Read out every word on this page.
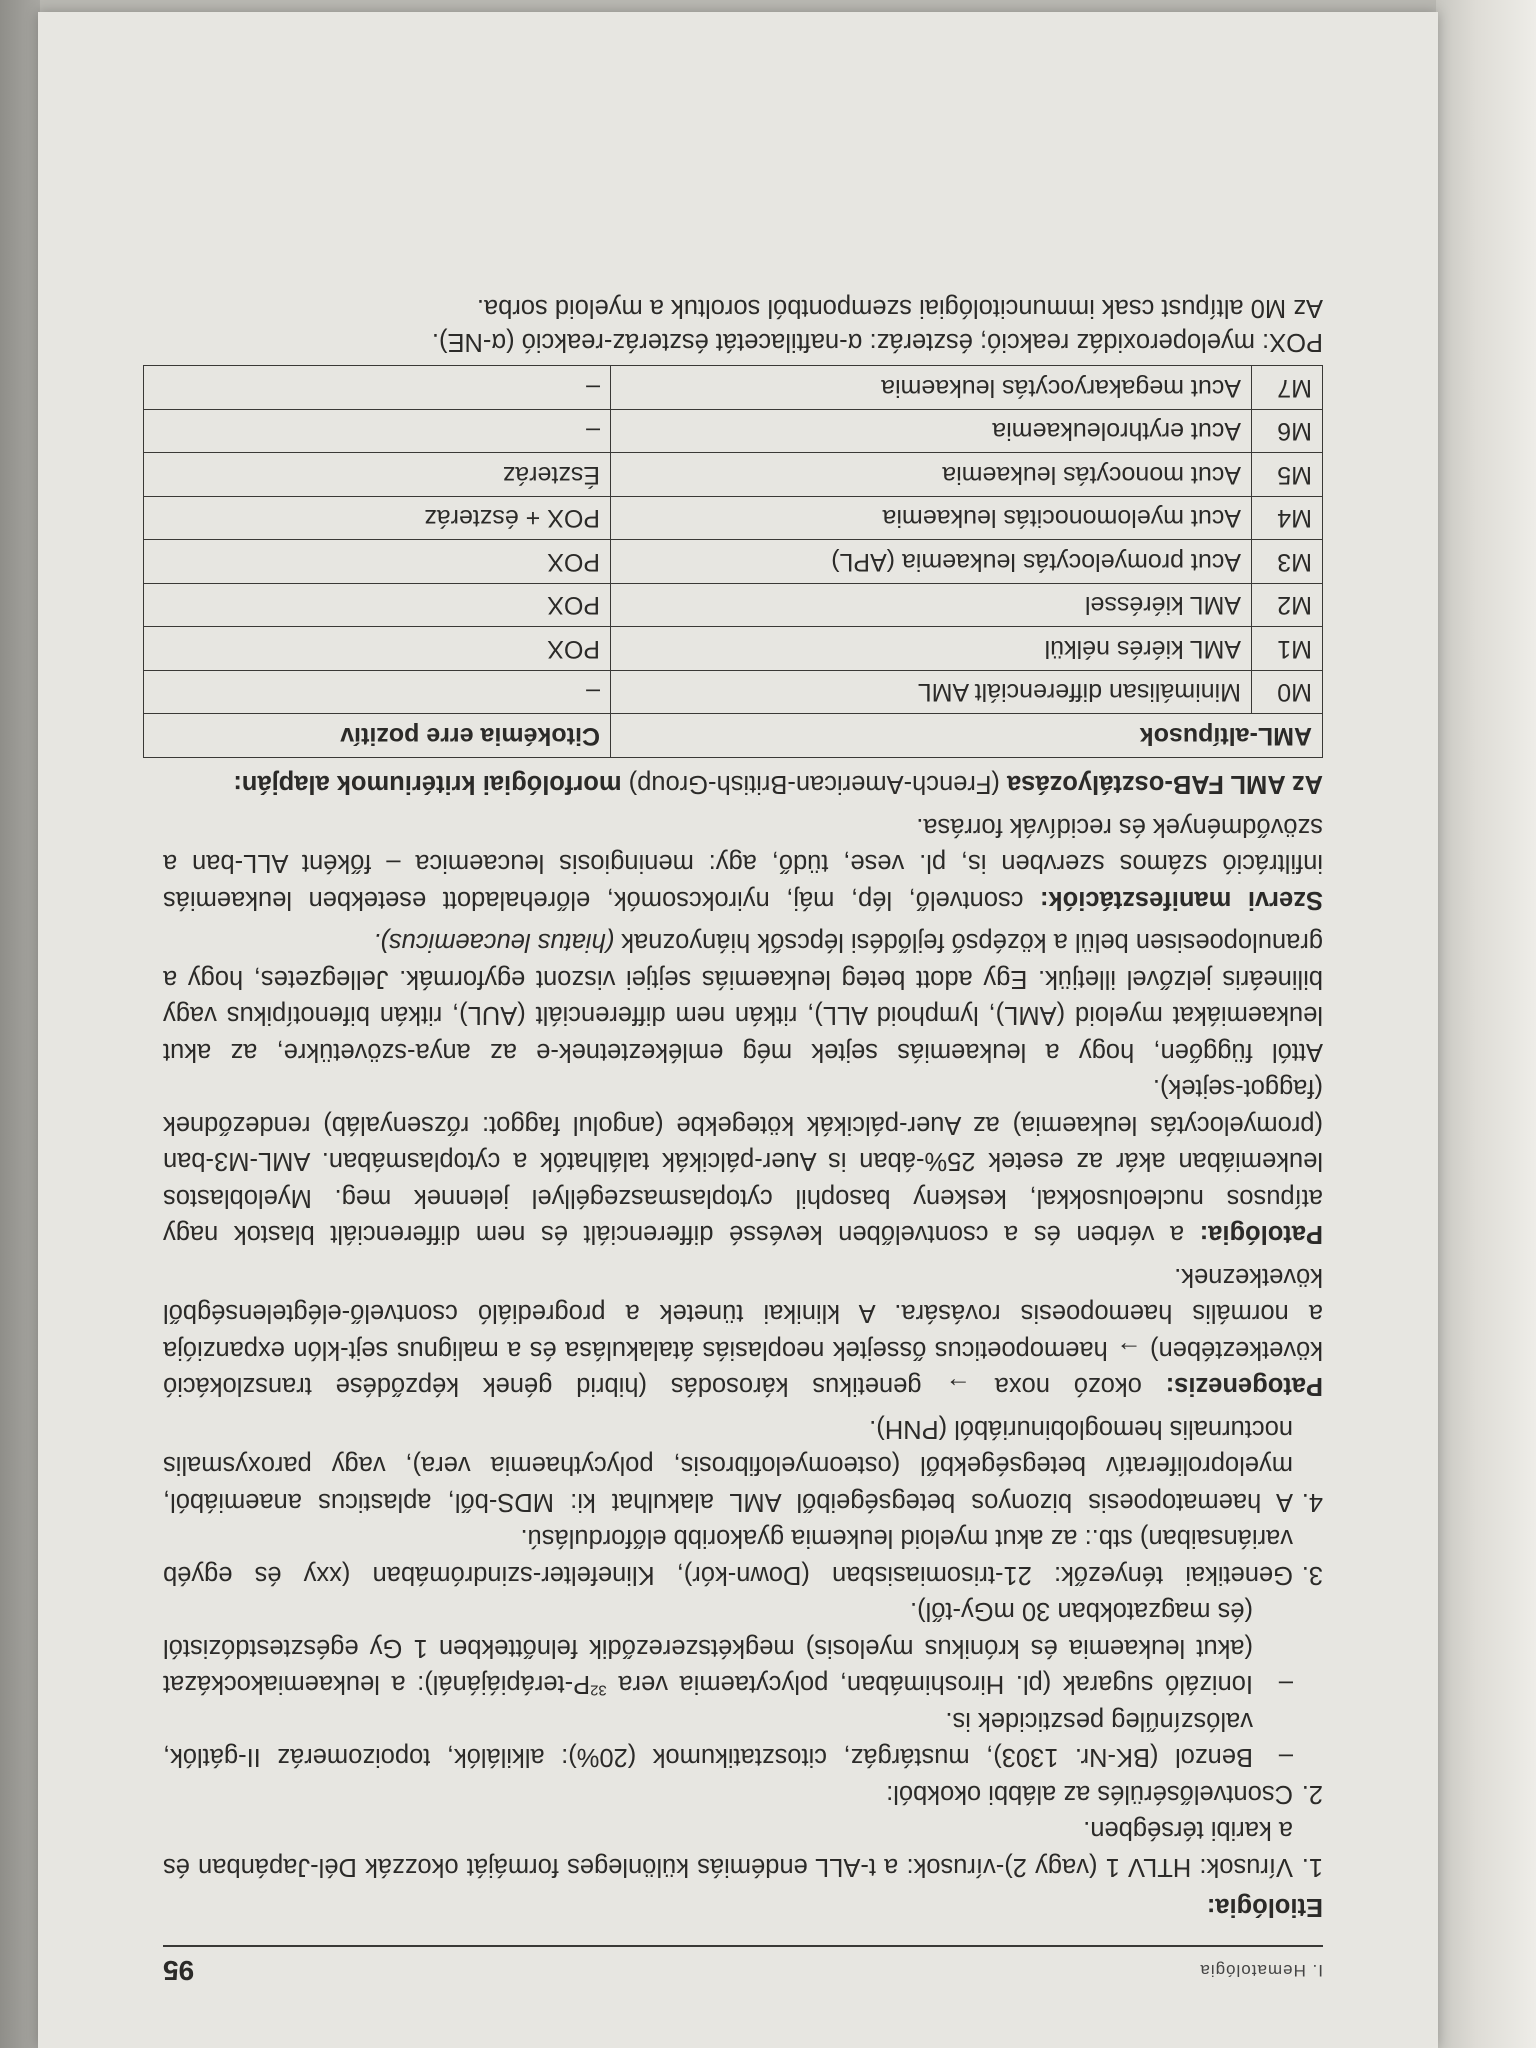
I. Hematológia
95
Etiológia:
1.
Vírusok: HTLV 1 (vagy 2)-vírusok: a t-ALL endémiás különleges formáját okozzák Dél-Japánban és a karibi térségben.
2.
Csontvelősérülés az alábbi okokból:
–
Benzol (BK-Nr. 1303), mustárgáz, citosztatikumok (20%): alkilálók, topoizomeráz II-gátlók, valószínűleg peszticidek is.
–
Ionizáló sugarak (pl. Hiroshimában, polycytaemia vera $^{32}$P-terápiájánál): a leukaemiakockázat (akut leukaemia és krónikus myelosis) megkétszereződik felnőttekben 1 Gy egésztestdózistól (és magzatokban 30 mGy-től).
3.
Genetikai tényezők: 21-trisomiasisban (Down-kór), Klinefelter-szindrómában (xxy és egyéb variánsaiban) stb.: az akut myeloid leukemia gyakoribb előfordulású.
4.
A haematopoesis bizonyos betegségeiből AML alakulhat ki: MDS-ből, aplasticus anaemiából, myeloproliferatív betegségekből (osteomyelofibrosis, polycythaemia vera), vagy paroxysmalis nocturnalis hemoglobinuriából (PNH).

Patogenezis: okozó noxa → genetikus károsodás (hibrid gének képződése transzlokáció következtében) → haemopoeticus őssejtek neoplasiás átalakulása és a malignus sejt-klón expanziója a normális haemopoesis rovására. A klinikai tünetek a progrediáló csontvelő-elégtelenségből következnek.

Patológia: a vérben és a csontvelőben kevéssé differenciált és nem differenciált blastok nagy atípusos nucleolusokkal, keskeny basophil cytoplasmaszegéllyel jelennek meg. Myeloblastos leukemiában akár az esetek 25%-ában is Auer-pálcikák találhatók a cytoplasmában. AML-M3-ban (promyelocytás leukaemia) az Auer-pálcikák kötegekbe (angolul faggot: rőzsenyaláb) rendeződnek (faggot-sejtek).

Attól függően, hogy a leukaemiás sejtek még emlékeztetnek-e az anya-szövetükre, az akut leukaemiákat myeloid (AML), lymphoid ALL), ritkán nem differenciált (AUL), ritkán bifenotípikus vagy bilineáris jelzővel illetjük. Egy adott beteg leukaemiás sejtjei viszont egyformák. Jellegzetes, hogy a granulopoesisen belül a középső fejlődési lépcsők hiányoznak (hiatus leucaemicus).

Szervi manifesztációk: csontvelő, lép, máj, nyirokcsomók, előrehaladott esetekben leukaemiás infiltráció számos szervben is, pl. vese, tüdő, agy: meningiosis leucaemica – főként ALL-ban a szövődmények és recidívák forrása.

Az AML FAB-osztályozása (French-American-British-Group) morfológiai kritériumok alapján:

AML-altípusok		Citokémia erre pozitív
M0	Minimálisan differenciált AML	–
M1	AML kiérés nélkül	POX
M2	AML kiéréssel	POX
M3	Acut promyelocytás leukaemia (APL)	POX
M4	Acut myelomonocitás leukaemia	POX + észteráz
M5	Acut monocytás leukaemia	Észteráz
M6	Acut erythroleukaemia	–
M7	Acut megakaryocytás leukaemia	–
POX: myeloperoxidáz reakció; észteráz: α-naftilacetát észteráz-reakció (α-NE).
Az M0 altípust csak immuncitológiai szempontból soroltuk a myeloid sorba.
